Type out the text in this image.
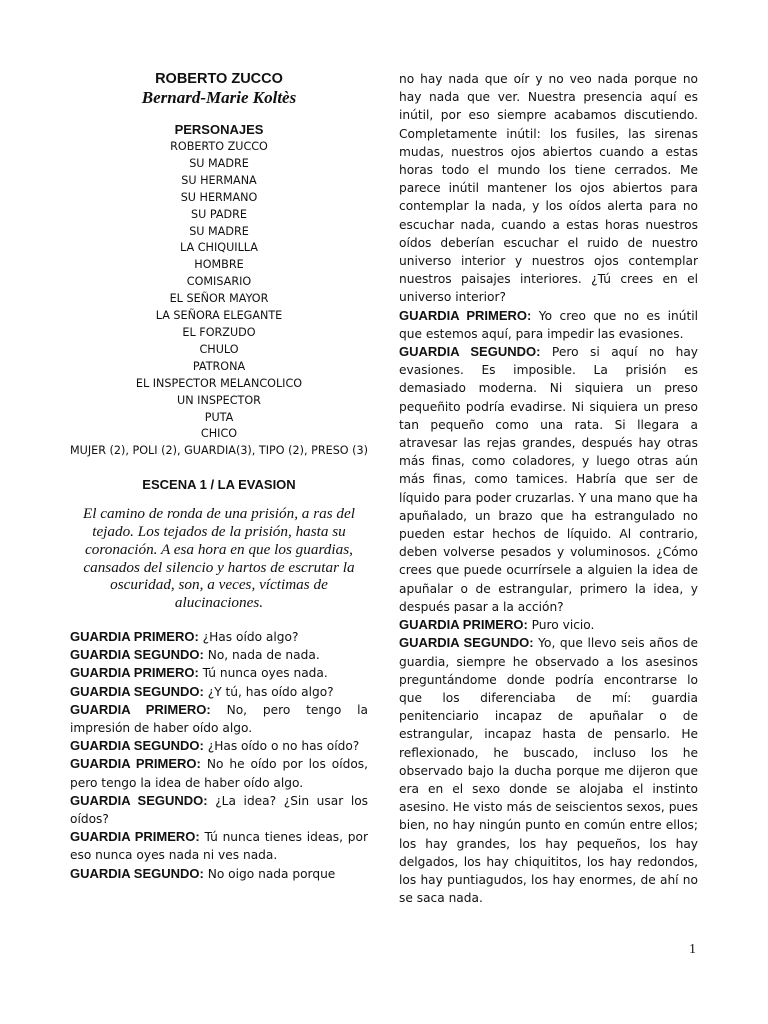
ROBERTO ZUCCO
Bernard-Marie Koltès
PERSONAJES
ROBERTO ZUCCO
SU MADRE
SU HERMANA
SU HERMANO
SU PADRE
SU MADRE
LA CHIQUILLA
HOMBRE
COMISARIO
EL SEÑOR MAYOR
LA SEÑORA ELEGANTE
EL FORZUDO
CHULO
PATRONA
EL INSPECTOR MELANCOLICO
UN INSPECTOR
PUTA
CHICO
MUJER (2), POLI (2), GUARDIA(3), TIPO (2), PRESO (3)
ESCENA 1 / LA EVASION

El camino de ronda de una prisión, a ras del tejado. Los tejados de la prisión, hasta su coronación. A esa hora en que los guardias, cansados del silencio y hartos de escrutar la oscuridad, son, a veces, víctimas de alucinaciones.

GUARDIA PRIMERO: ¿Has oído algo?

GUARDIA SEGUNDO: No, nada de nada.

GUARDIA PRIMERO: Tú nunca oyes nada.

GUARDIA SEGUNDO: ¿Y tú, has oído algo?

GUARDIA PRIMERO: No, pero tengo la impresión de haber oído algo.

GUARDIA SEGUNDO: ¿Has oído o no has oído?

GUARDIA PRIMERO: No he oído por los oídos, pero tengo la idea de haber oído algo.

GUARDIA SEGUNDO: ¿La idea? ¿Sin usar los oídos?

GUARDIA PRIMERO: Tú nunca tienes ideas, por eso nunca oyes nada ni ves nada.

GUARDIA SEGUNDO: No oigo nada porque

no hay nada que oír y no veo nada porque no hay nada que ver. Nuestra presencia aquí es inútil, por eso siempre acabamos discutiendo. Completamente inútil: los fusiles, las sirenas mudas, nuestros ojos abiertos cuando a estas horas todo el mundo los tiene cerrados. Me parece inútil mantener los ojos abiertos para contemplar la nada, y los oídos alerta para no escuchar nada, cuando a estas horas nuestros oídos deberían escuchar el ruido de nuestro universo interior y nuestros ojos contemplar nuestros paisajes interiores. ¿Tú crees en el universo interior?

GUARDIA PRIMERO: Yo creo que no es inútil que estemos aquí, para impedir las evasiones.

GUARDIA SEGUNDO: Pero si aquí no hay evasiones. Es imposible. La prisión es demasiado moderna. Ni siquiera un preso pequeñito podría evadirse. Ni siquiera un preso tan pequeño como una rata. Si llegara a atravesar las rejas grandes, después hay otras más finas, como coladores, y luego otras aún más finas, como tamices. Habría que ser de líquido para poder cruzarlas. Y una mano que ha apuñalado, un brazo que ha estrangulado no pueden estar hechos de líquido. Al contrario, deben volverse pesados y voluminosos. ¿Cómo crees que puede ocurrírsele a alguien la idea de apuñalar o de estrangular, primero la idea, y después pasar a la acción?

GUARDIA PRIMERO: Puro vicio.

GUARDIA SEGUNDO: Yo, que llevo seis años de guardia, siempre he observado a los asesinos preguntándome donde podría encontrarse lo que los diferenciaba de mí: guardia penitenciario incapaz de apuñalar o de estrangular, incapaz hasta de pensarlo. He reflexionado, he buscado, incluso los he observado bajo la ducha porque me dijeron que era en el sexo donde se alojaba el instinto asesino. He visto más de seiscientos sexos, pues bien, no hay ningún punto en común entre ellos; los hay grandes, los hay pequeños, los hay delgados, los hay chiquititos, los hay redondos, los hay puntiagudos, los hay enormes, de ahí no se saca nada.

1
